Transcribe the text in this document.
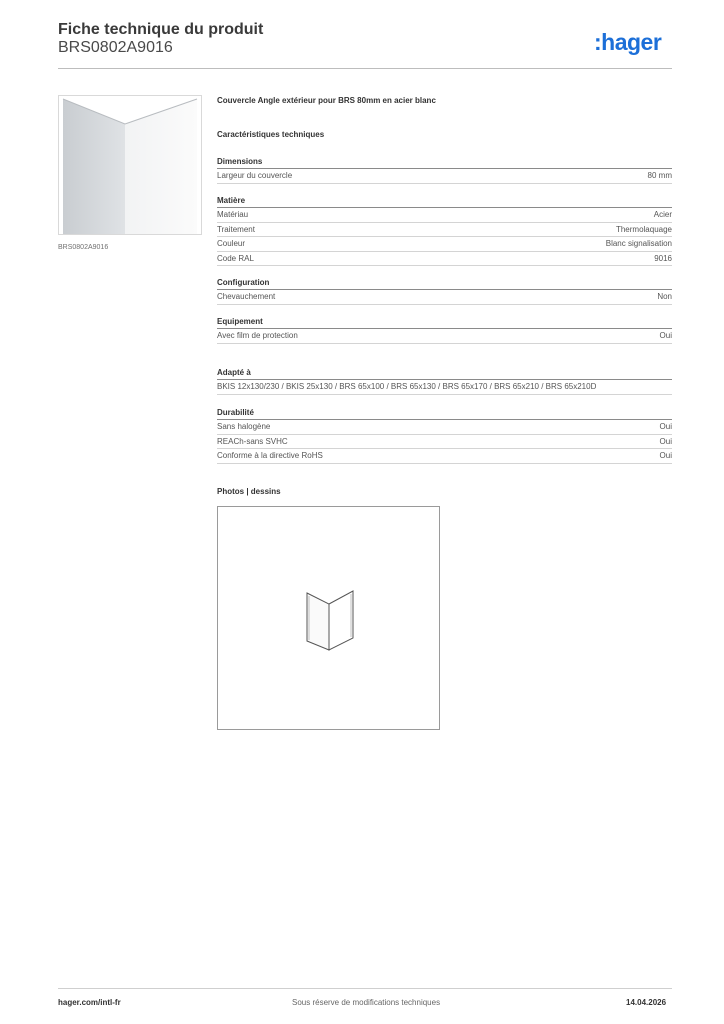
Fiche technique du produit
BRS0802A9016	:hager
BRS0802A9016
Couvercle Angle extérieur pour BRS 80mm en acier blanc
Caractéristiques techniques
Dimensions
Largeur du couvercle	80 mm
Matière
Matériau	Acier
Traitement	Thermolaquage
Couleur	Blanc signalisation
Code RAL	9016
Configuration
Chevauchement	Non
Equipement
Avec film de protection	Oui
Adapté à
BKIS 12x130/230 / BKIS 25x130 / BRS 65x100 / BRS 65x130 / BRS 65x170 / BRS 65x210 / BRS 65x210D
Durabilité
Sans halogène	Oui
REACh-sans SVHC	Oui
Conforme à la directive RoHS	Oui
Photos | dessins
hager.com/intl-fr	Sous réserve de modifications techniques	14.04.2026
